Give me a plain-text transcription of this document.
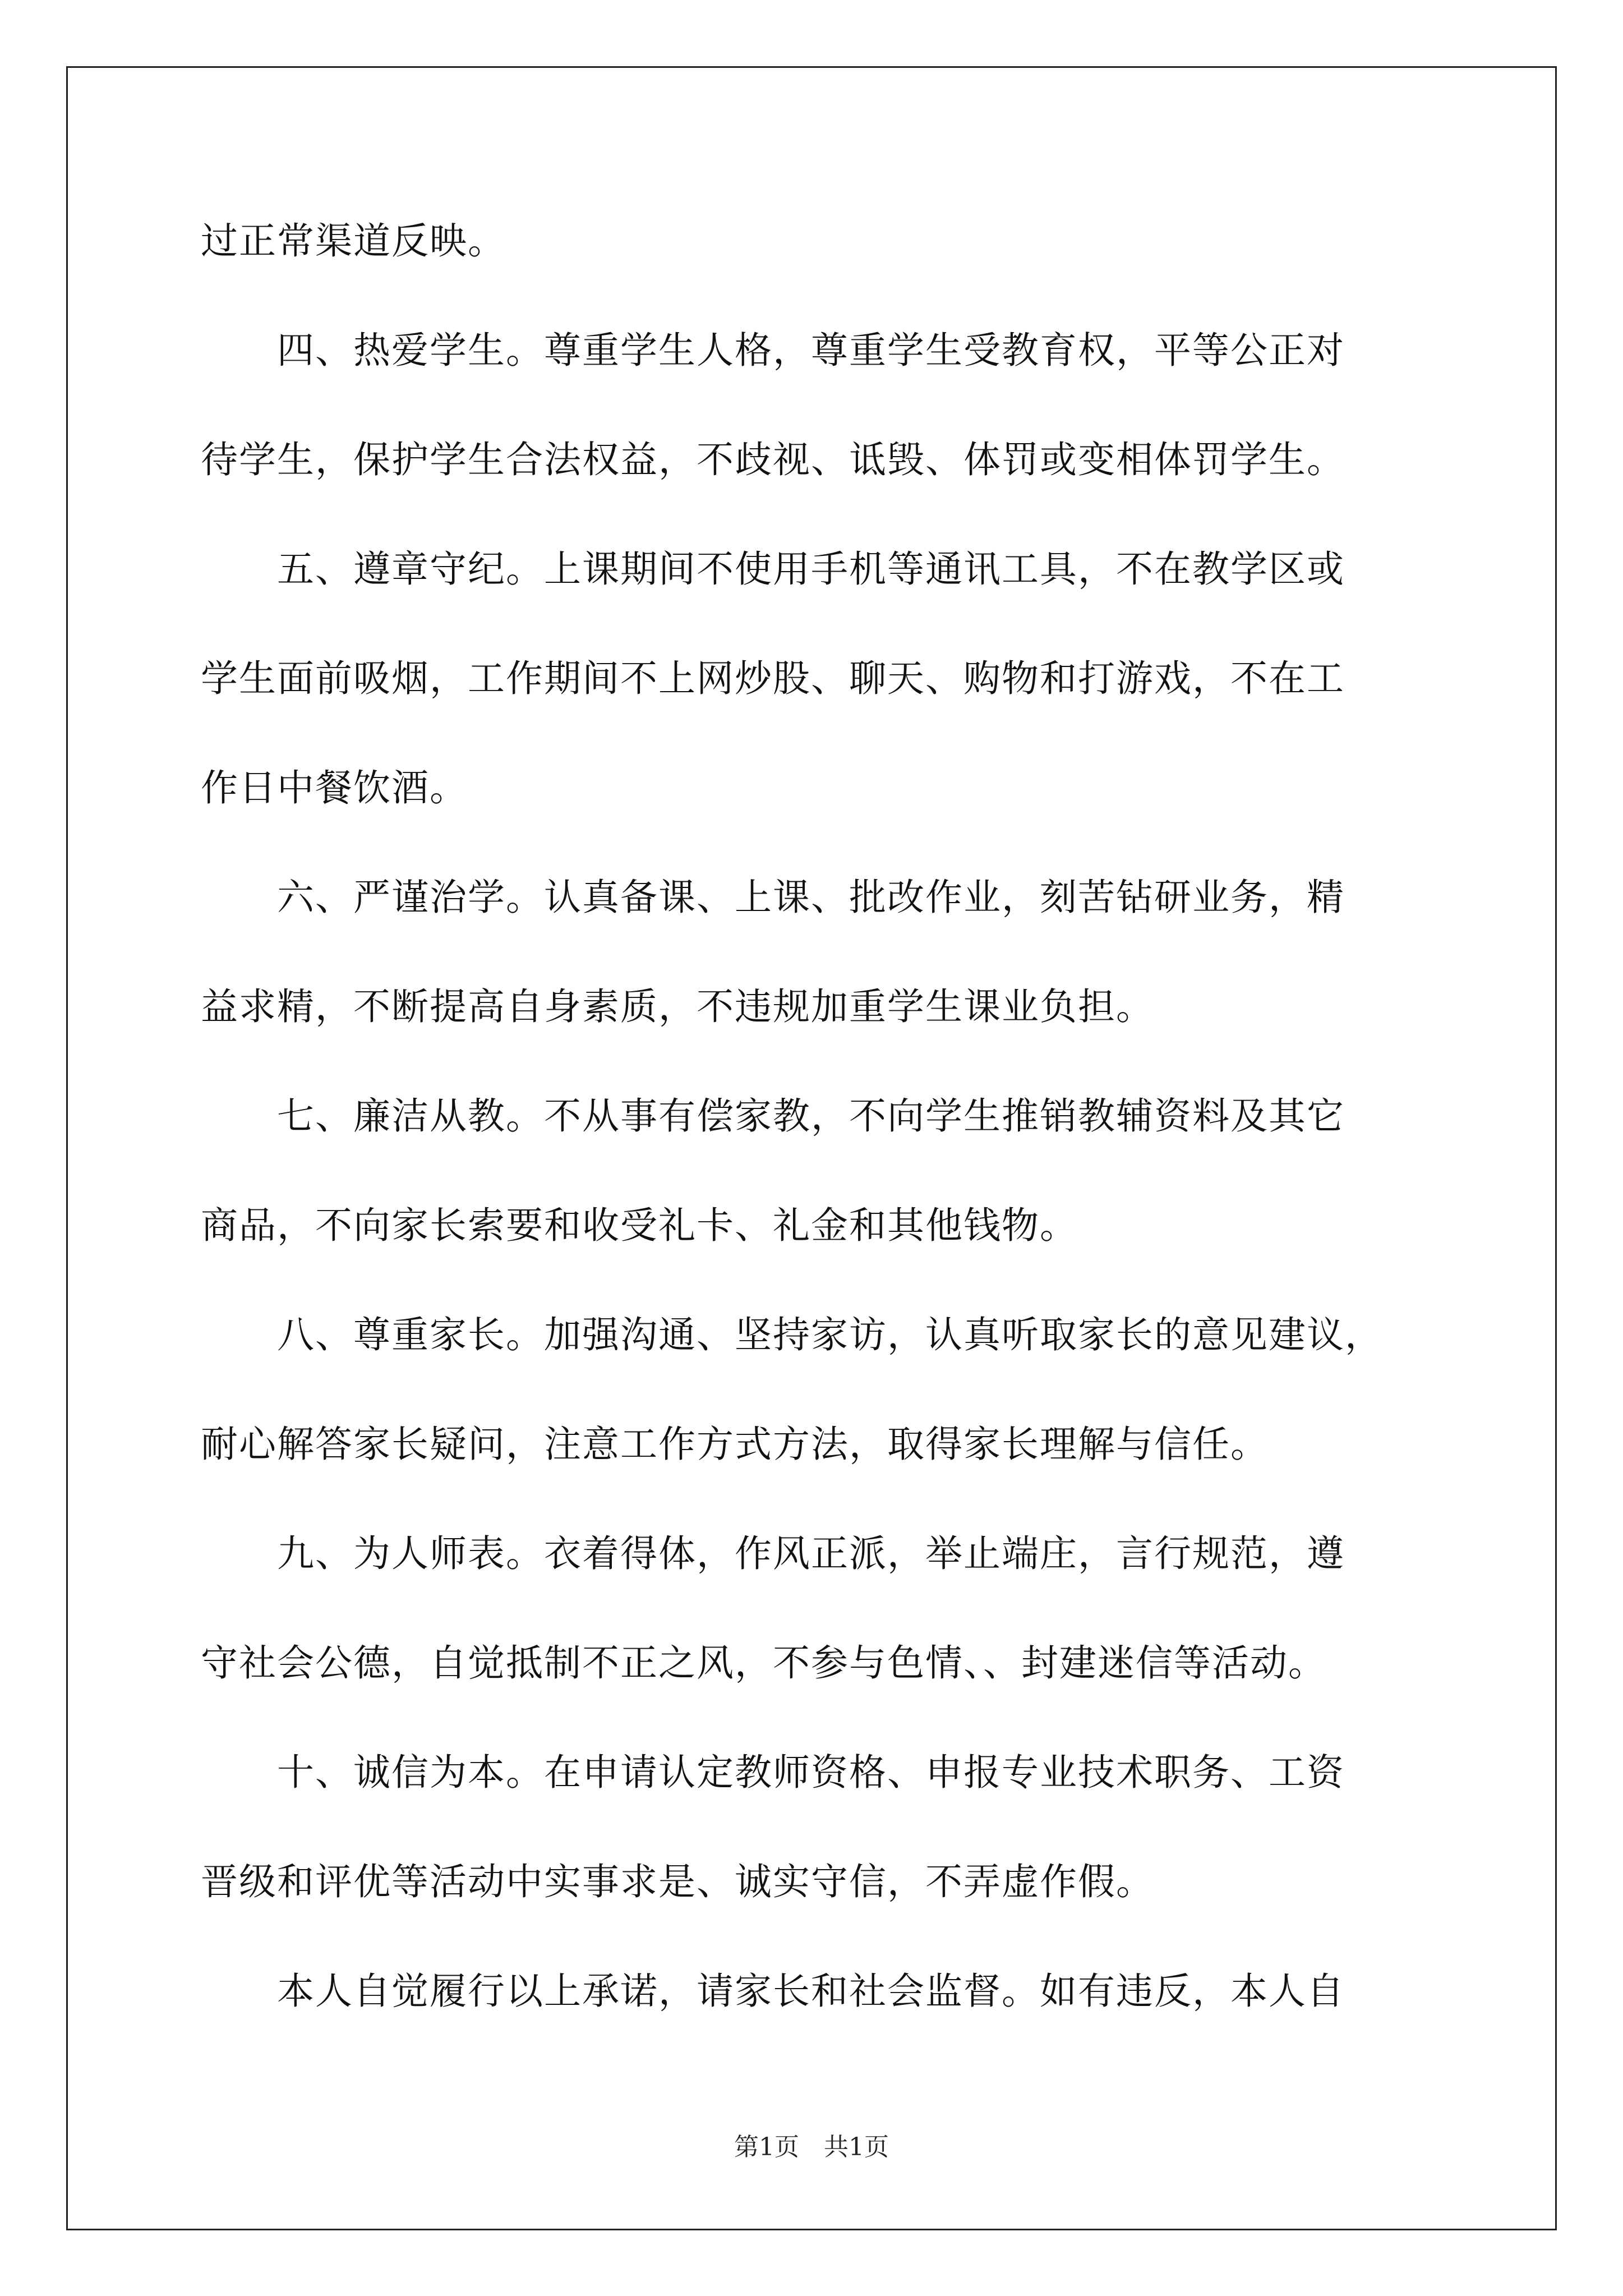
过正常渠道反映。
　　四、热爱学生。尊重学生人格，尊重学生受教育权，平等公正对
待学生，保护学生合法权益，不歧视、诋毁、体罚或变相体罚学生。
　　五、遵章守纪。上课期间不使用手机等通讯工具，不在教学区或
学生面前吸烟，工作期间不上网炒股、聊天、购物和打游戏，不在工
作日中餐饮酒。
　　六、严谨治学。认真备课、上课、批改作业，刻苦钻研业务，精
益求精，不断提高自身素质，不违规加重学生课业负担。
　　七、廉洁从教。不从事有偿家教，不向学生推销教辅资料及其它
商品，不向家长索要和收受礼卡、礼金和其他钱物。
　　八、尊重家长。加强沟通、坚持家访，认真听取家长的意见建议，
耐心解答家长疑问，注意工作方式方法，取得家长理解与信任。
　　九、为人师表。衣着得体，作风正派，举止端庄，言行规范，遵
守社会公德，自觉抵制不正之风，不参与色情、、封建迷信等活动。
　　十、诚信为本。在申请认定教师资格、申报专业技术职务、工资
晋级和评优等活动中实事求是、诚实守信，不弄虚作假。
　　本人自觉履行以上承诺，请家长和社会监督。如有违反，本人自
第1页　共1页
